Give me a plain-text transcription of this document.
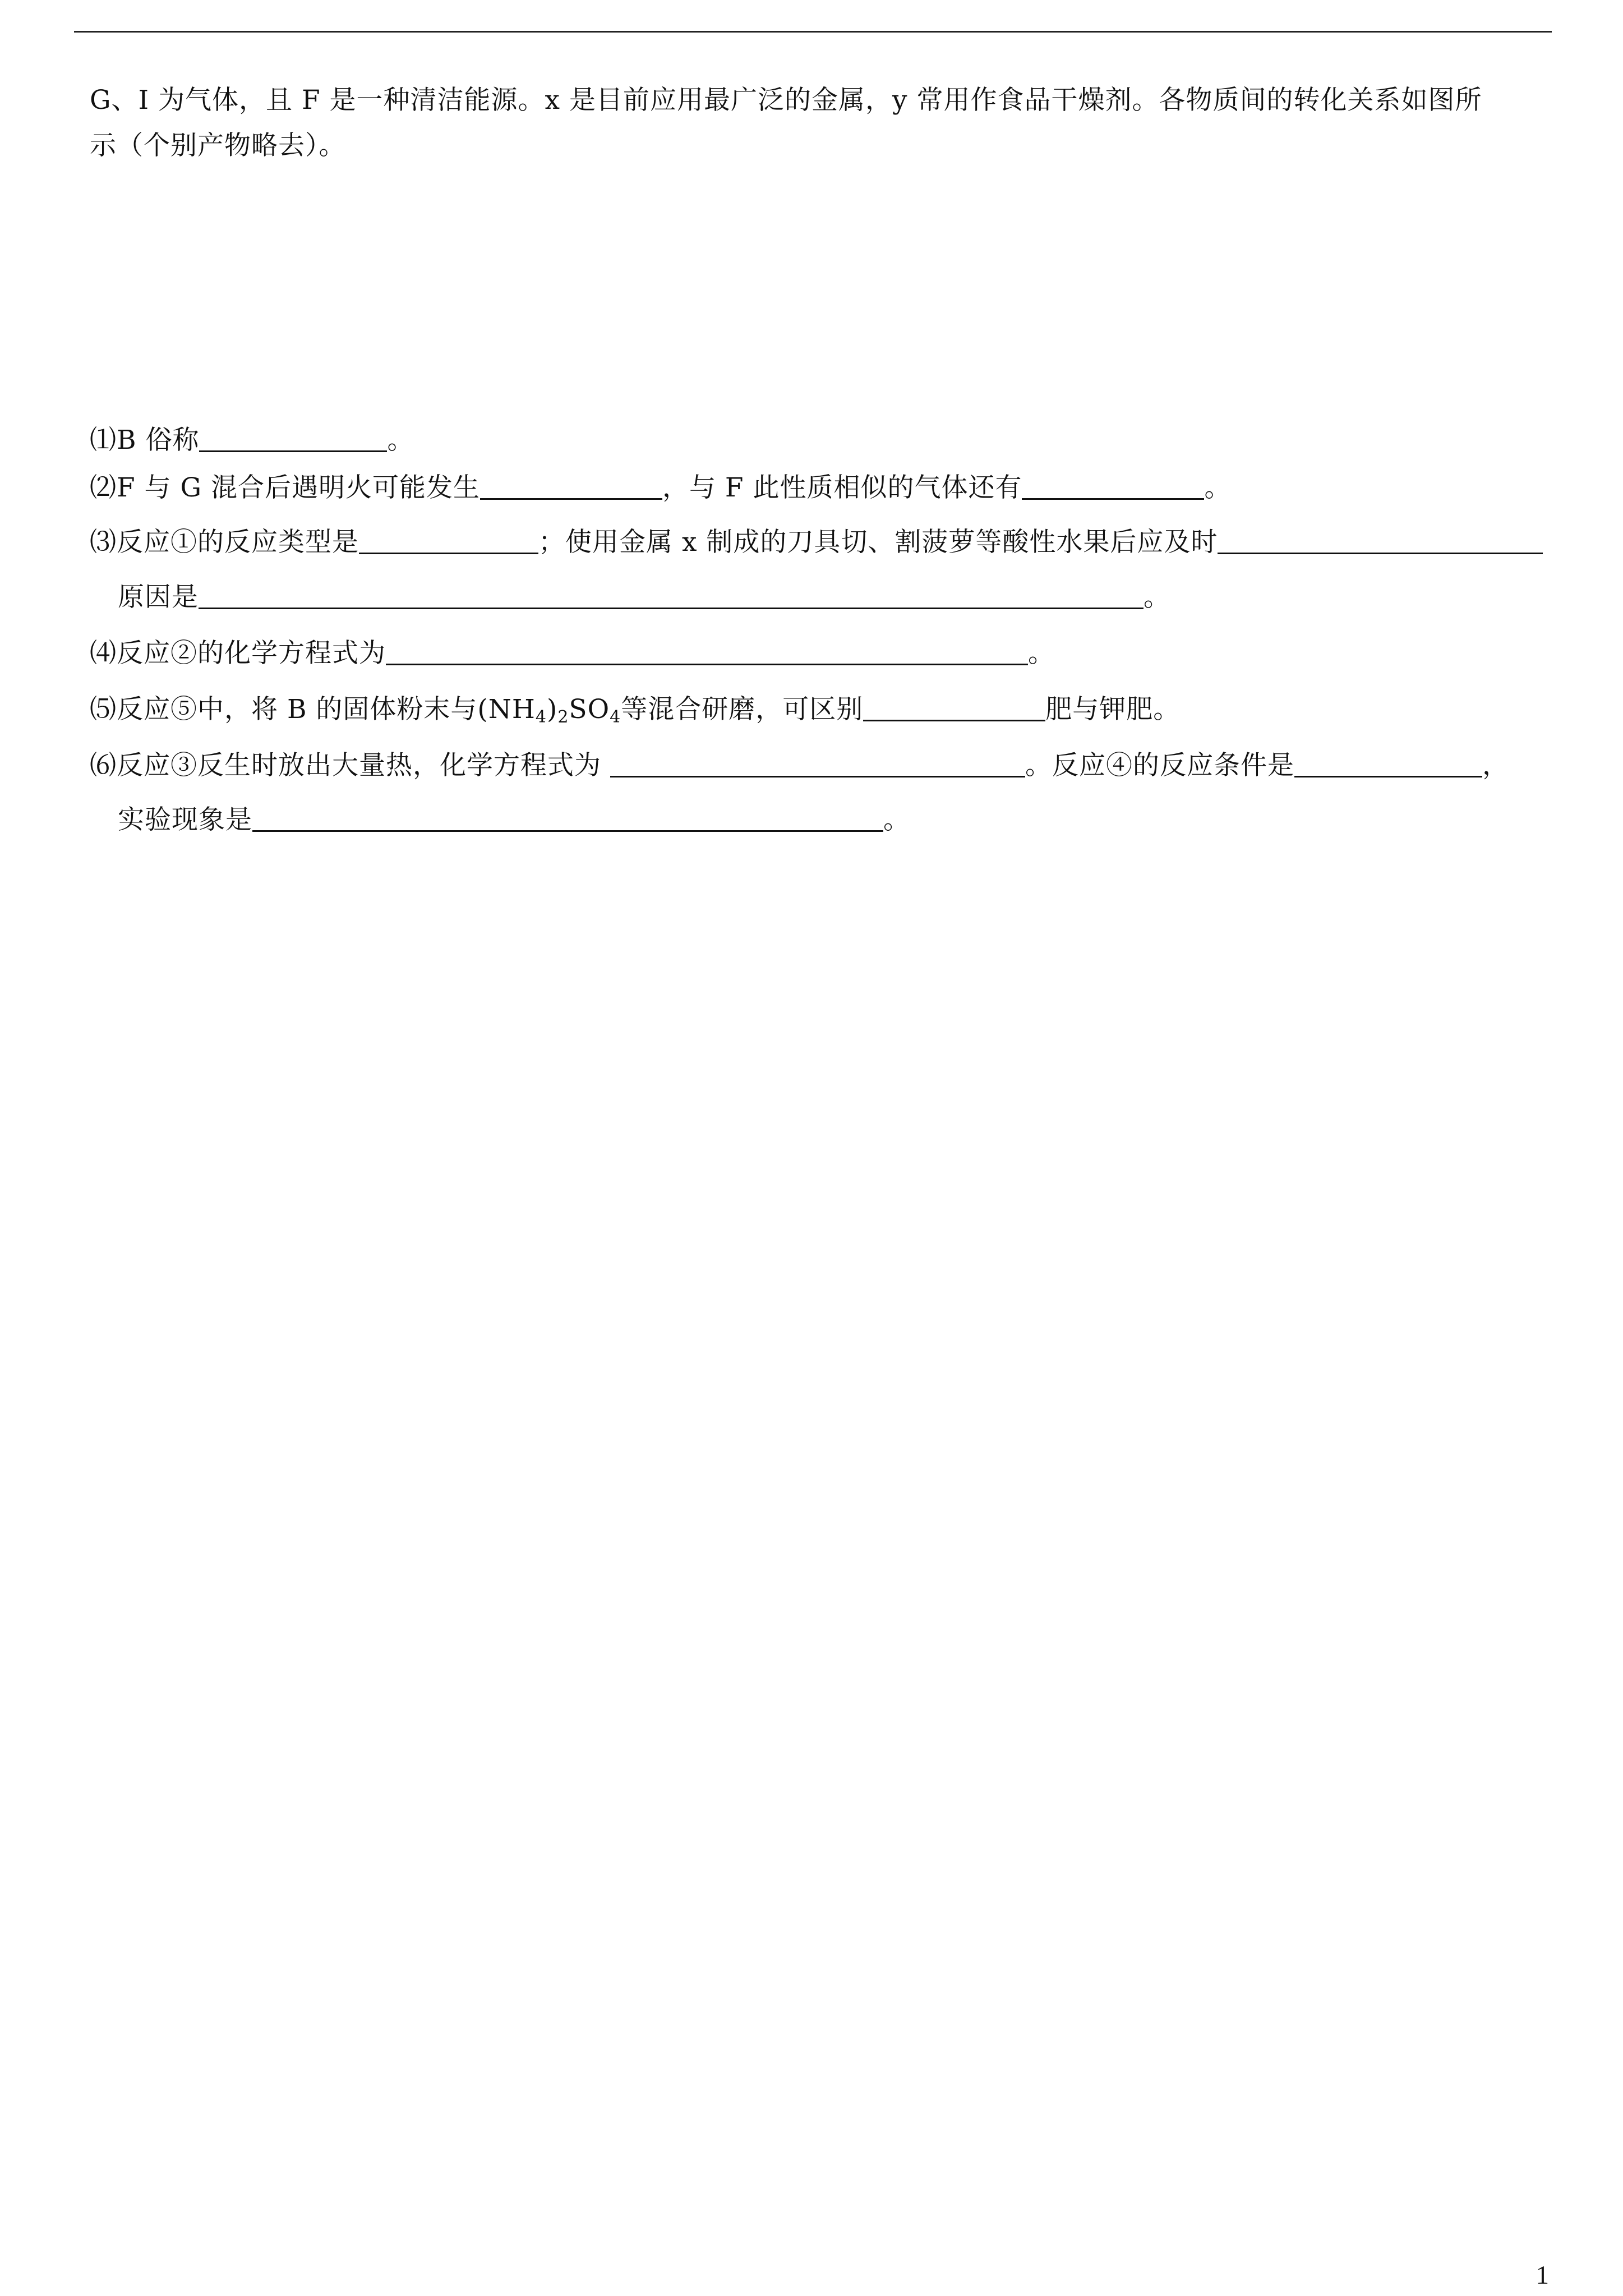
G、I 为气体，且 F 是一种清洁能源。x 是目前应用最广泛的金属，y 常用作食品干燥剂。各物质间的转化关系如图所
示（个别产物略去）。
⑴B 俗称	。
⑵F 与 G 混合后遇明火可能发生	，与 F 此性质相似的气体还有	。
⑶反应①的反应类型是	；使用金属 x 制成的刀具切、割菠萝等酸性水果后应及时
原因是	。
⑷反应②的化学方程式为	。
⑸反应⑤中，将 B 的固体粉末与$(NH_4)_2SO_4$等混合研磨，可区别	肥与钾肥。
⑹反应③反生时放出大量热，化学方程式为	。反应④的反应条件是	，
实验现象是	。
1
